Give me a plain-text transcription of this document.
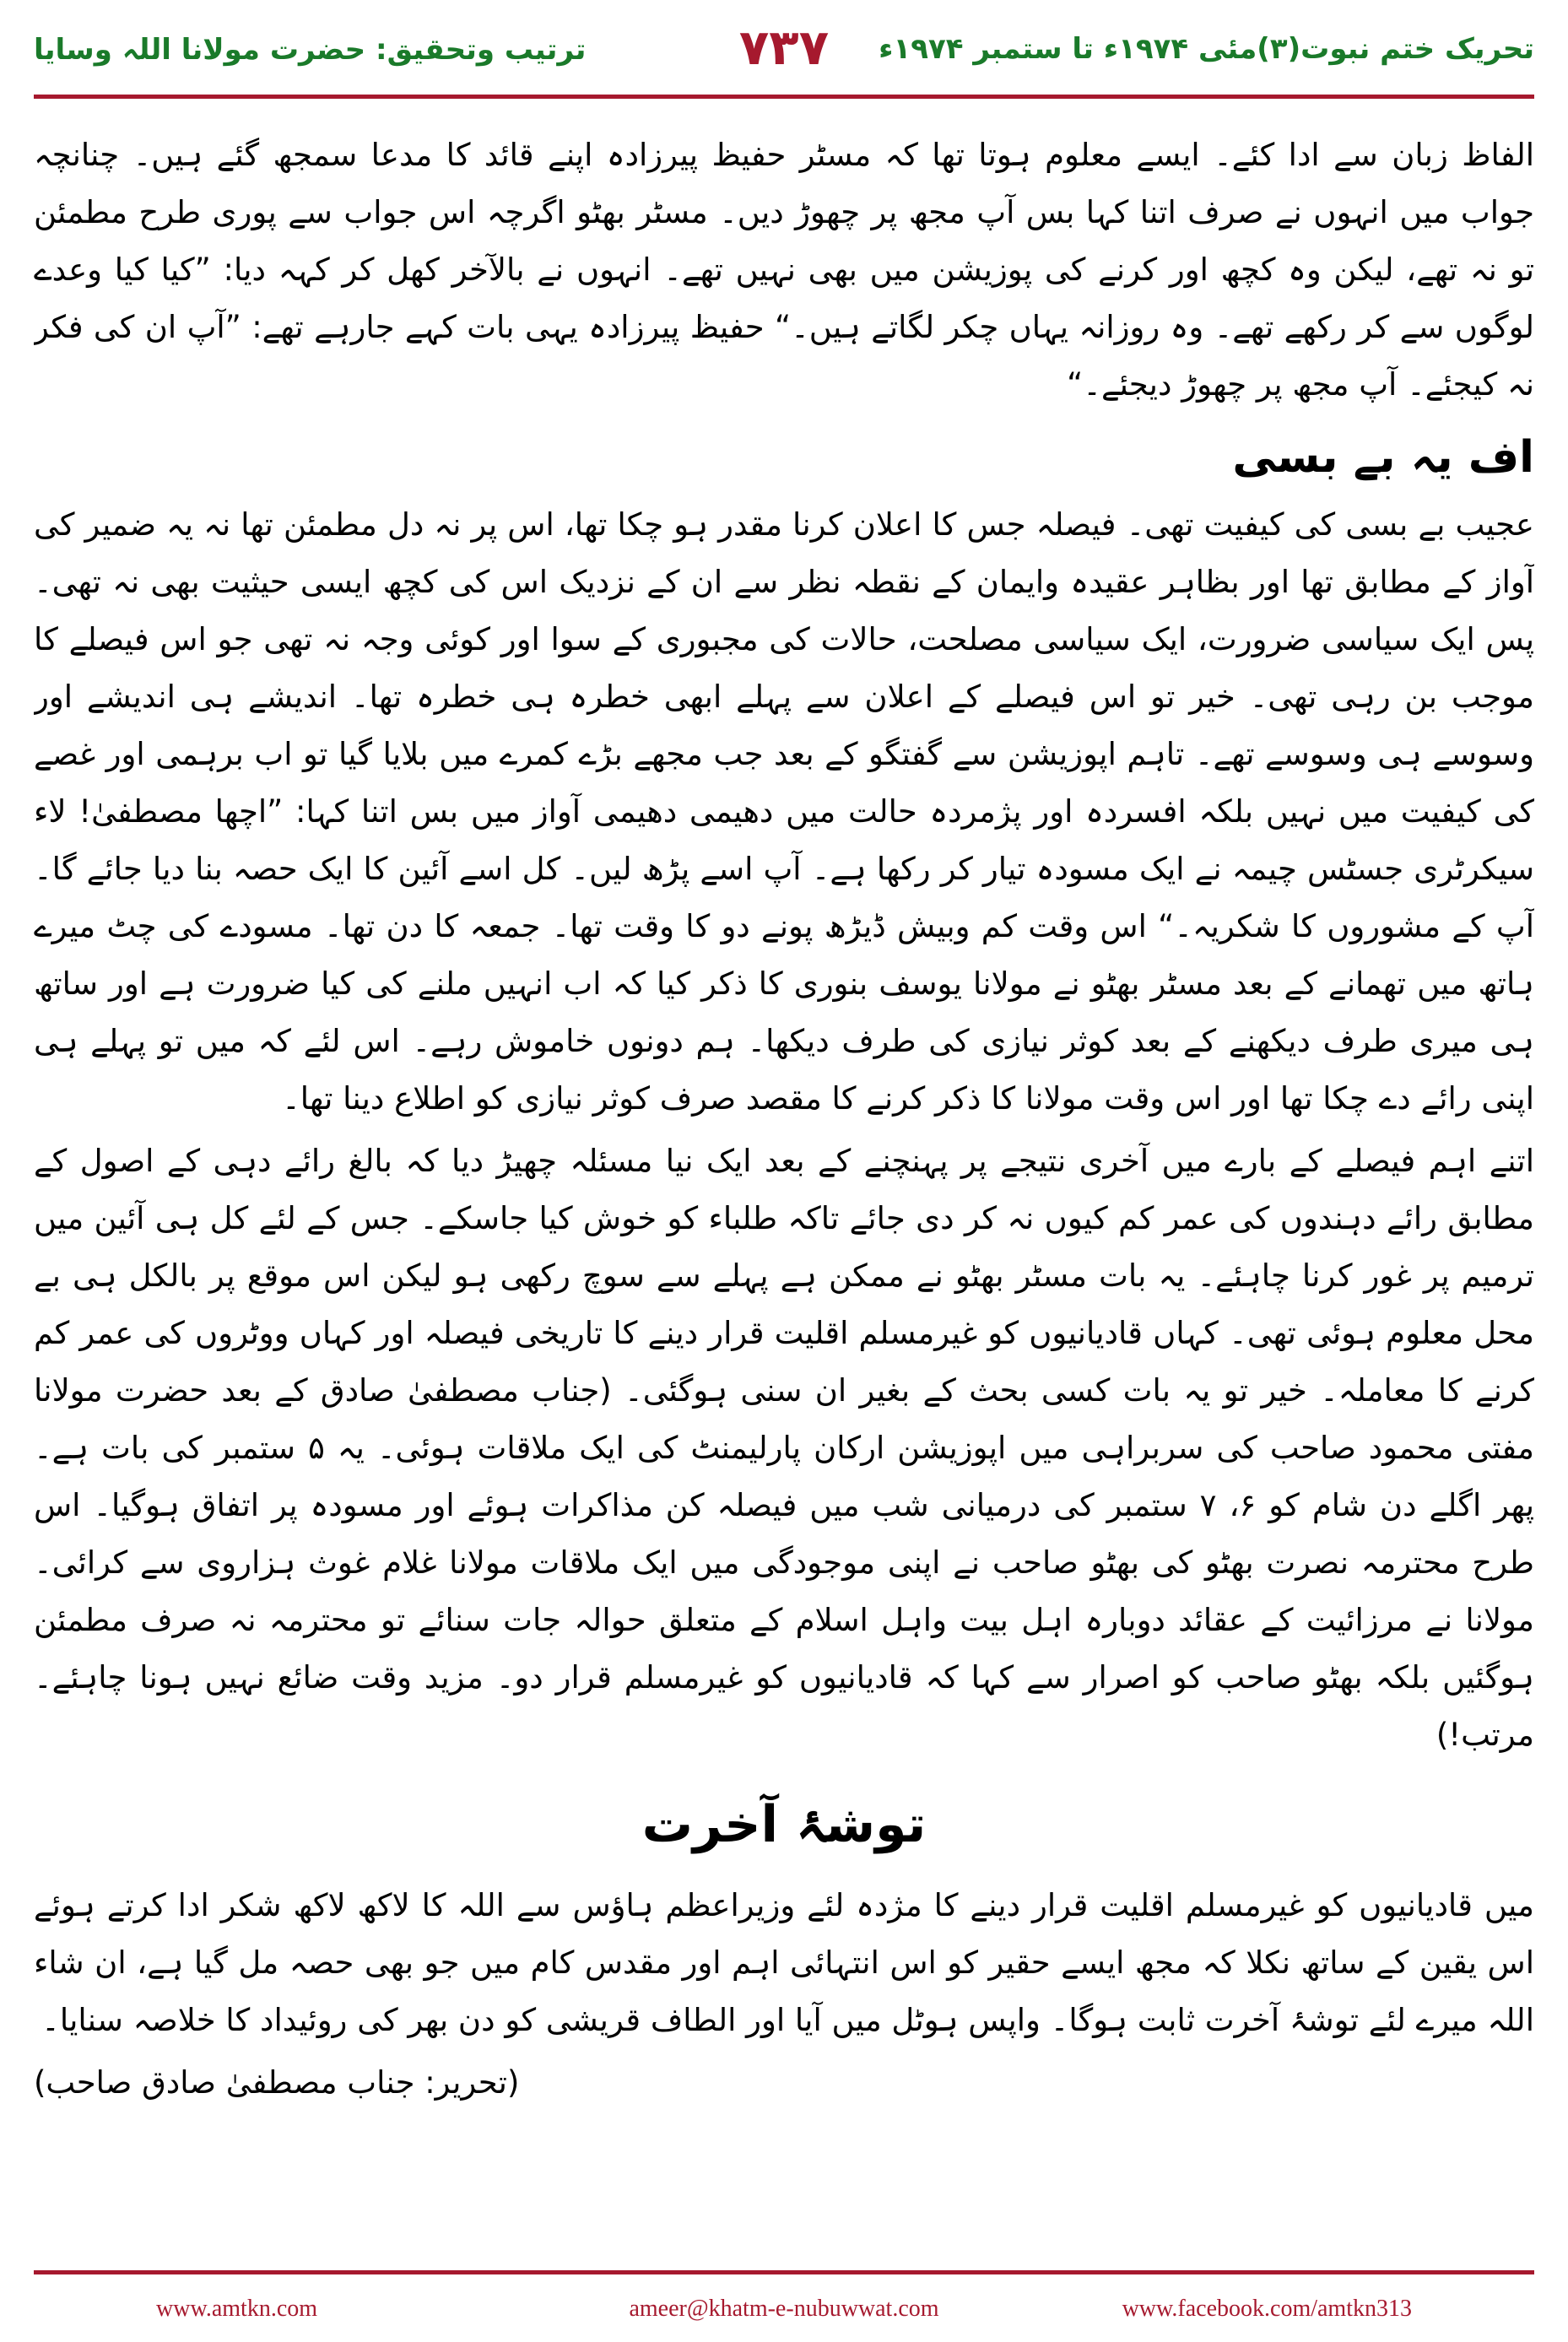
تحریک ختم نبوت(۳)مئی ۱۹۷۴ء تا ستمبر ۱۹۷۴ء
۷۳۷
ترتیب وتحقیق: حضرت مولانا اللہ وسایا

الفاظ زبان سے ادا کئے۔ ایسے معلوم ہوتا تھا کہ مسٹر حفیظ پیرزادہ اپنے قائد کا مدعا سمجھ گئے ہیں۔ چنانچہ جواب میں انہوں نے صرف اتنا کہا بس آپ مجھ پر چھوڑ دیں۔ مسٹر بھٹو اگرچہ اس جواب سے پوری طرح مطمئن تو نہ تھے، لیکن وہ کچھ اور کرنے کی پوزیشن میں بھی نہیں تھے۔ انہوں نے بالآخر کھل کر کہہ دیا: ”کیا کیا وعدے لوگوں سے کر رکھے تھے۔ وہ روزانہ یہاں چکر لگاتے ہیں۔“ حفیظ پیرزادہ یہی بات کہے جارہے تھے: ”آپ ان کی فکر نہ کیجئے۔ آپ مجھ پر چھوڑ دیجئے۔“

اف یہ بے بسی

عجیب بے بسی کی کیفیت تھی۔ فیصلہ جس کا اعلان کرنا مقدر ہو چکا تھا، اس پر نہ دل مطمئن تھا نہ یہ ضمیر کی آواز کے مطابق تھا اور بظاہر عقیدہ وایمان کے نقطہ نظر سے ان کے نزدیک اس کی کچھ ایسی حیثیت بھی نہ تھی۔ پس ایک سیاسی ضرورت، ایک سیاسی مصلحت، حالات کی مجبوری کے سوا اور کوئی وجہ نہ تھی جو اس فیصلے کا موجب بن رہی تھی۔ خیر تو اس فیصلے کے اعلان سے پہلے ابھی خطرہ ہی خطرہ تھا۔ اندیشے ہی اندیشے اور وسوسے ہی وسوسے تھے۔ تاہم اپوزیشن سے گفتگو کے بعد جب مجھے بڑے کمرے میں بلایا گیا تو اب برہمی اور غصے کی کیفیت میں نہیں بلکہ افسردہ اور پژمردہ حالت میں دھیمی دھیمی آواز میں بس اتنا کہا: ”اچھا مصطفیٰ! لاء سیکرٹری جسٹس چیمہ نے ایک مسودہ تیار کر رکھا ہے۔ آپ اسے پڑھ لیں۔ کل اسے آئین کا ایک حصہ بنا دیا جائے گا۔ آپ کے مشوروں کا شکریہ۔“ اس وقت کم وبیش ڈیڑھ پونے دو کا وقت تھا۔ جمعہ کا دن تھا۔ مسودے کی چٹ میرے ہاتھ میں تھمانے کے بعد مسٹر بھٹو نے مولانا یوسف بنوری کا ذکر کیا کہ اب انہیں ملنے کی کیا ضرورت ہے اور ساتھ ہی میری طرف دیکھنے کے بعد کوثر نیازی کی طرف دیکھا۔ ہم دونوں خاموش رہے۔ اس لئے کہ میں تو پہلے ہی اپنی رائے دے چکا تھا اور اس وقت مولانا کا ذکر کرنے کا مقصد صرف کوثر نیازی کو اطلاع دینا تھا۔

اتنے اہم فیصلے کے بارے میں آخری نتیجے پر پہنچنے کے بعد ایک نیا مسئلہ چھیڑ دیا کہ بالغ رائے دہی کے اصول کے مطابق رائے دہندوں کی عمر کم کیوں نہ کر دی جائے تاکہ طلباء کو خوش کیا جاسکے۔ جس کے لئے کل ہی آئین میں ترمیم پر غور کرنا چاہئے۔ یہ بات مسٹر بھٹو نے ممکن ہے پہلے سے سوچ رکھی ہو لیکن اس موقع پر بالکل ہی بے محل معلوم ہوئی تھی۔ کہاں قادیانیوں کو غیرمسلم اقلیت قرار دینے کا تاریخی فیصلہ اور کہاں ووٹروں کی عمر کم کرنے کا معاملہ۔ خیر تو یہ بات کسی بحث کے بغیر ان سنی ہوگئی۔ (جناب مصطفیٰ صادق کے بعد حضرت مولانا مفتی محمود صاحب کی سربراہی میں اپوزیشن ارکان پارلیمنٹ کی ایک ملاقات ہوئی۔ یہ ۵ ستمبر کی بات ہے۔ پھر اگلے دن شام کو ۶، ۷ ستمبر کی درمیانی شب میں فیصلہ کن مذاکرات ہوئے اور مسودہ پر اتفاق ہوگیا۔ اس طرح محترمہ نصرت بھٹو کی بھٹو صاحب نے اپنی موجودگی میں ایک ملاقات مولانا غلام غوث ہزاروی سے کرائی۔ مولانا نے مرزائیت کے عقائد دوبارہ اہل بیت واہل اسلام کے متعلق حوالہ جات سنائے تو محترمہ نہ صرف مطمئن ہوگئیں بلکہ بھٹو صاحب کو اصرار سے کہا کہ قادیانیوں کو غیرمسلم قرار دو۔ مزید وقت ضائع نہیں ہونا چاہئے۔ مرتب!)

توشۂ آخرت

میں قادیانیوں کو غیرمسلم اقلیت قرار دینے کا مژدہ لئے وزیراعظم ہاؤس سے اللہ کا لاکھ لاکھ شکر ادا کرتے ہوئے اس یقین کے ساتھ نکلا کہ مجھ ایسے حقیر کو اس انتہائی اہم اور مقدس کام میں جو بھی حصہ مل گیا ہے، ان شاء اللہ میرے لئے توشۂ آخرت ثابت ہوگا۔ واپس ہوٹل میں آیا اور الطاف قریشی کو دن بھر کی روئیداد کا خلاصہ سنایا۔

(تحریر: جناب مصطفیٰ صادق صاحب)
www.amtkn.com	ameer@khatm-e-nubuwwat.com	www.facebook.com/amtkn313
